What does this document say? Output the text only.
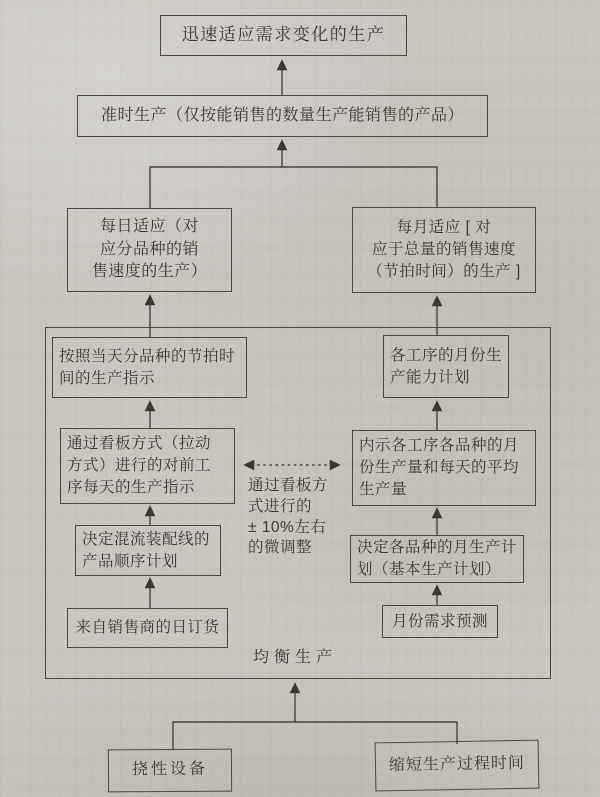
迅速适应需求变化的生产
准时生产（仅按能销售的数量生产能销售的产品）
每日适应（对
应分品种的销
售速度的生产）
每月适应 [ 对
应于总量的销售速度
（节拍时间）的生产 ]
按照当天分品种的节拍时
间的生产指示
通过看板方式（拉动
方式）进行的对前工
序每天的生产指示
决定混流装配线的
产品顺序计划
来自销售商的日订货
各工序的月份生
产能力计划
内示各工序各品种的月
份生产量和每天的平均
生产量
决定各品种的月生产计
划（基本生产计划）
月份需求预测
通过看板方
式进行的
± 10%左右
的微调整
均衡生产
挠性设备	缩短生产过程时间
